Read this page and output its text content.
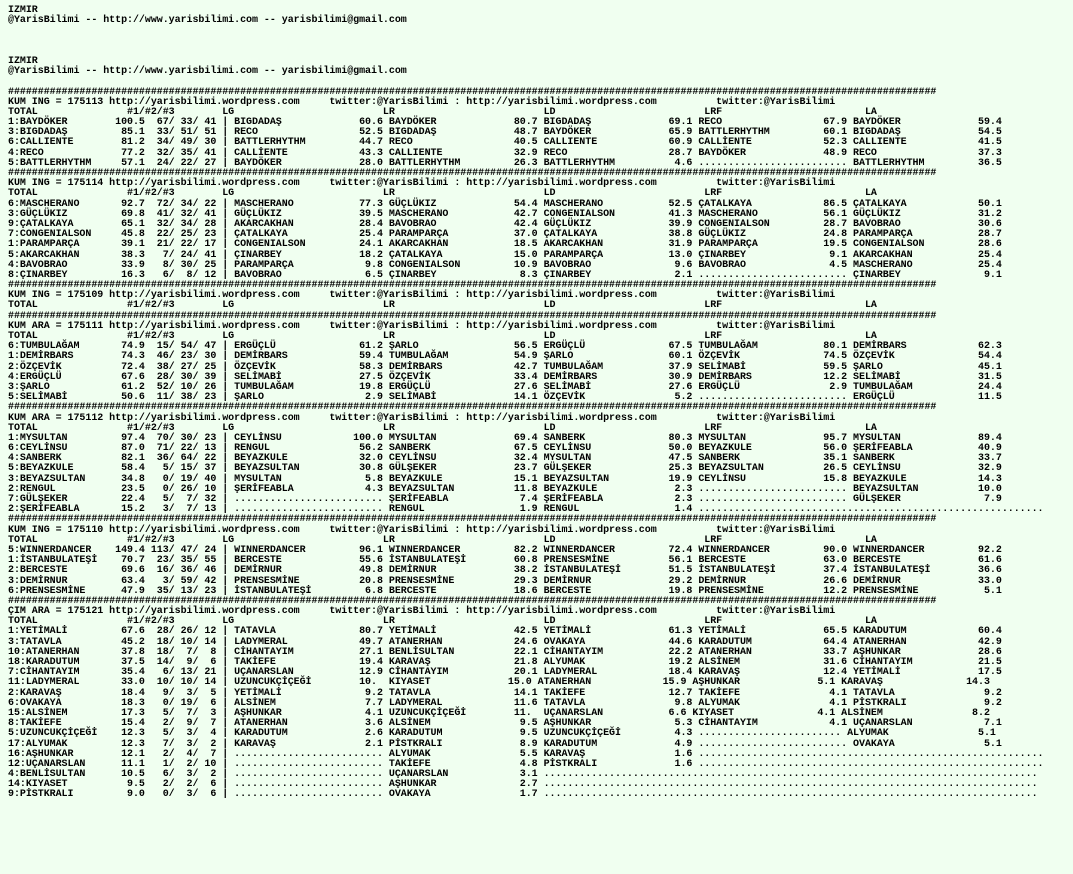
IZMIR
@YarisBilimi -- http://www.yarisbilimi.com -- yarisbilimi@gmail.com

IZMIR
@YarisBilimi -- http://www.yarisbilimi.com -- yarisbilimi@gmail.com

############################################################################################################################################################
KUM ING = 175113 http://yarisbilimi.wordpress.com     twitter:@YarisBilimi : http://yarisbilimi.wordpress.com          twitter:@YarisBilimi
TOTAL               #1/#2/#3        LG                         LR                         LD                         LRF                        LA
1:BAYDÖKER        100.5  67/ 33/ 41 | BIGDADAŞ             60.6 BAYDÖKER             80.7 BIGDADAŞ             69.1 RECO                 67.9 BAYDÖKER             59.4
3:BIGDADAŞ         85.1  33/ 51/ 51 | RECO                 52.5 BIGDADAŞ             48.7 BAYDÖKER             65.9 BATTLERHYTHM         60.1 BIGDADAŞ             54.5
6:CALLIENTE        81.2  34/ 49/ 30 | BATTLERHYTHM         44.7 RECO                 40.5 CALLIENTE            60.9 CALLİENTE            52.3 CALLIENTE            41.5
4:RECO             77.2  32/ 35/ 41 | CALLİENTE            43.3 CALLIENTE            32.9 RECO                 28.7 BAYDÖKER             48.9 RECO                 37.3
5:BATTLERHYTHM     57.1  24/ 22/ 27 | BAYDÖKER             28.0 BATTLERHYTHM         26.3 BATTLERHYTHM          4.6 ......................... BATTLERHYTHM         36.5
############################################################################################################################################################
KUM ING = 175114 http://yarisbilimi.wordpress.com     twitter:@YarisBilimi : http://yarisbilimi.wordpress.com          twitter:@YarisBilimi
TOTAL               #1/#2/#3        LG                         LR                         LD                         LRF                        LA
6:MASCHERANO       92.7  72/ 34/ 22 | MASCHERANO           77.3 GÜÇLÜKIZ             54.4 MASCHERANO           52.5 ÇATALKAYA            86.5 ÇATALKAYA            50.1
3:GÜÇLÜKIZ         69.8  41/ 32/ 41 | GÜÇLÜKIZ             39.5 MASCHERANO           42.7 CONGENIALSON         41.3 MASCHERANO           56.1 GÜÇLÜKIZ             31.2
9:ÇATALKAYA        65.1  32/ 34/ 28 | AKARCAKHAN           28.4 BAVOBRAO             42.4 GÜÇLÜKIZ             39.9 CONGENIALSON         28.7 BAVOBRAO             30.6
7:CONGENIALSON     45.8  22/ 25/ 23 | ÇATALKAYA            25.4 PARAMPARÇA           37.0 ÇATALKAYA            38.8 GÜÇLÜKIZ             24.8 PARAMPARÇA           28.7
1:PARAMPARÇA       39.1  21/ 22/ 17 | CONGENIALSON         24.1 AKARCAKHAN           18.5 AKARCAKHAN           31.9 PARAMPARÇA           19.5 CONGENIALSON         28.6
5:AKARCAKHAN       38.3   7/ 24/ 41 | ÇINARBEY             18.2 ÇATALKAYA            15.0 PARAMPARÇA           13.0 ÇINARBEY              9.1 AKARCAKHAN           25.4
4:BAVOBRAO         33.9   8/ 30/ 25 | PARAMPARÇA            9.8 CONGENIALSON         10.9 BAVOBRAO              9.6 BAVOBRAO              4.5 MASCHERANO           25.4
8:ÇINARBEY         16.3   6/  8/ 12 | BAVOBRAO              6.5 ÇINARBEY              8.3 ÇINARBEY              2.1 ......................... ÇINARBEY              9.1
############################################################################################################################################################
KUM ING = 175109 http://yarisbilimi.wordpress.com     twitter:@YarisBilimi : http://yarisbilimi.wordpress.com          twitter:@YarisBilimi
TOTAL               #1/#2/#3        LG                         LR                         LD                         LRF                        LA
############################################################################################################################################################
KUM ARA = 175111 http://yarisbilimi.wordpress.com     twitter:@YarisBilimi : http://yarisbilimi.wordpress.com          twitter:@YarisBilimi
TOTAL               #1/#2/#3        LG                         LR                         LD                         LRF                        LA
6:TUMBULAĞAM       74.9  15/ 54/ 47 | ERGÜÇLÜ              61.2 ŞARLO                56.5 ERGÜÇLÜ              67.5 TUMBULAĞAM           80.1 DEMİRBARS            62.3
1:DEMİRBARS        74.3  46/ 23/ 30 | DEMİRBARS            59.4 TUMBULAĞAM           54.9 ŞARLO                60.1 ÖZÇEVİK              74.5 ÖZÇEVİK              54.4
2:ÖZÇEVİK          72.4  38/ 27/ 25 | ÖZÇEVİK              58.3 DEMİRBARS            42.7 TUMBULAĞAM           37.9 SELİMABİ             59.5 ŞARLO                45.1
4:ERGÜÇLÜ          67.6  28/ 30/ 39 | SELİMABİ             27.5 ÖZÇEVİK              33.4 DEMİRBARS            30.9 DEMİRBARS            12.2 SELİMABİ             31.5
3:ŞARLO            61.2  52/ 10/ 26 | TUMBULAĞAM           19.8 ERGÜÇLÜ              27.6 SELİMABİ             27.6 ERGÜÇLÜ               2.9 TUMBULAĞAM           24.4
5:SELİMABİ         50.6  11/ 38/ 23 | ŞARLO                 2.9 SELİMABİ             14.1 ÖZÇEVİK               5.2 ......................... ERGÜÇLÜ              11.5
############################################################################################################################################################
KUM ARA = 175112 http://yarisbilimi.wordpress.com     twitter:@YarisBilimi : http://yarisbilimi.wordpress.com          twitter:@YarisBilimi
TOTAL               #1/#2/#3        LG                         LR                         LD                         LRF                        LA
1:MYSULTAN         97.4  70/ 30/ 23 | CEYLİNSU            100.0 MYSULTAN             69.4 SANBERK              80.3 MYSULTAN             95.7 MYSULTAN             89.4
6:CEYLİNSU         87.0  71/ 22/ 13 | RENGUL               56.2 SANBERK              67.5 CEYLİNSU             50.0 BEYAZKULE            56.0 ŞERİFEABLA           40.9
4:SANBERK          82.1  36/ 64/ 22 | BEYAZKULE            32.0 CEYLİNSU             32.4 MYSULTAN             47.5 SANBERK              35.1 SANBERK              33.7
5:BEYAZKULE        58.4   5/ 15/ 37 | BEYAZSULTAN          30.8 GÜLŞEKER             23.7 GÜLŞEKER             25.3 BEYAZSULTAN          26.5 CEYLİNSU             32.9
3:BEYAZSULTAN      34.8   0/ 19/ 40 | MYSULTAN              5.8 BEYAZKULE            15.1 BEYAZSULTAN          19.9 CEYLİNSU             15.8 BEYAZKULE            14.3
2:RENGUL           23.5   0/ 26/ 10 | ŞERİFEABLA            4.3 BEYAZSULTAN          11.8 BEYAZKULE             2.3 ......................... BEYAZSULTAN          10.0
7:GÜLŞEKER         22.4   5/  7/ 32 | ......................... ŞERİFEABLA            7.4 ŞERİFEABLA            2.3 ......................... GÜLŞEKER              7.9
2:ŞERİFEABLA       15.2   3/  7/ 13 | ......................... RENGUL                1.9 RENGUL                1.4 ..........................................................
############################################################################################################################################################
KUM ING = 175110 http://yarisbilimi.wordpress.com     twitter:@YarisBilimi : http://yarisbilimi.wordpress.com          twitter:@YarisBilimi
TOTAL               #1/#2/#3        LG                         LR                         LD                         LRF                        LA
5:WINNERDANCER    149.4 113/ 47/ 24 | WINNERDANCER         96.1 WINNERDANCER         82.2 WINNERDANCER         72.4 WINNERDANCER         90.0 WINNERDANCER         92.2
1:İSTANBULATEŞİ    70.7  23/ 35/ 55 | BERCESTE             55.6 İSTANBULATEŞİ        60.8 PRENSESMİNE          56.1 BERCESTE             63.0 BERCESTE             61.6
2:BERCESTE         69.6  16/ 36/ 46 | DEMİRNUR             49.8 DEMİRNUR             38.2 İSTANBULATEŞİ        51.5 İSTANBULATEŞİ        37.4 İSTANBULATEŞİ        36.6
3:DEMİRNUR         63.4   3/ 59/ 42 | PRENSESMİNE          20.8 PRENSESMİNE          29.3 DEMİRNUR             29.2 DEMİRNUR             26.6 DEMİRNUR             33.0
6:PRENSESMİNE      47.9  35/ 13/ 23 | İSTANBULATEŞİ         6.8 BERCESTE             18.6 BERCESTE             19.8 PRENSESMİNE          12.2 PRENSESMİNE           5.1
############################################################################################################################################################
ÇIM ARA = 175121 http://yarisbilimi.wordpress.com     twitter:@YarisBilimi : http://yarisbilimi.wordpress.com          twitter:@YarisBilimi
TOTAL               #1/#2/#3        LG                         LR                         LD                         LRF                        LA
1:YETİMALİ         67.6  28/ 26/ 12 | TATAVLA              80.7 YETİMALİ             42.5 YETİMALİ             61.3 YETİMALİ             65.5 KARADUTUM            60.4
3:TATAVLA          45.2  18/ 10/ 14 | LADYMERAL            49.7 ATANERHAN            24.6 OVAKAYA              44.6 KARADUTUM            64.4 ATANERHAN            42.9
10:ATANERHAN       37.8  18/  7/  8 | CİHANTAYIM           27.1 BENLİSULTAN          22.1 CİHANTAYIM           22.2 ATANERHAN            33.7 AŞHUNKAR             28.6
18:KARADUTUM       37.5  14/  9/  6 | TAKİEFE              19.4 KARAVAŞ              21.8 ALYUMAK              19.2 ALSİNEM              31.6 CİHANTAYIM           21.5
7:CİHANTAYIM       35.4   6/ 13/ 21 | UÇANARSLAN           12.9 CİHANTAYIM           20.1 LADYMERAL            18.4 KARAVAŞ              12.4 YETİMALİ             17.5
11:LADYMERAL       33.0  10/ 10/ 14 | UZUNCUKÇİÇEĞİ        10.  KIYASET             15.0 ATANERHAN            15.9 AŞHUNKAR             5.1 KARAVAŞ              14.3
2:KARAVAŞ          18.4   9/  3/  5 | YETİMALİ              9.2 TATAVLA              14.1 TAKİEFE              12.7 TAKİEFE               4.1 TATAVLA               9.2
6:OVAKAYA          18.3   0/ 19/  6 | ALSİNEM               7.7 LADYMERAL            11.6 TATAVLA               9.8 ALYUMAK               4.1 PİSTKRALI             9.2
15:ALSİNEM         17.3   5/  7/  3 | AŞHUNKAR              4.1 UZUNCUKÇİÇEĞİ        11.  UÇANARSLAN           6.6 KIYASET              4.1 ALSİNEM               8.2
8:TAKİEFE          15.4   2/  9/  7 | ATANERHAN             3.6 ALSİNEM               9.5 AŞHUNKAR              5.3 CİHANTAYIM            4.1 UÇANARSLAN            7.1
5:UZUNCUKÇİÇEĞİ    12.3   5/  3/  4 | KARADUTUM             2.6 KARADUTUM             9.5 UZUNCUKÇİÇEĞİ         4.3 ........................ ALYUMAK               5.1
17:ALYUMAK         12.3   7/  3/  2 | KARAVAŞ               2.1 PİSTKRALI             8.9 KARADUTUM             4.9 ......................... OVAKAYA               5.1
16:AŞHUNKAR        12.1   2/  4/  7 | ......................... ALYUMAK               5.5 KARAVAŞ               1.6 ..........................................................
12:UÇANARSLAN      11.1   1/  2/ 10 | ......................... TAKİEFE               4.8 PİSTKRALI             1.6 ..........................................................
4:BENLİSULTAN      10.5   6/  3/  2 | ......................... UÇANARSLAN            3.1 ...................................................................................
14:KIYASET          9.5   2/  2/  6 | ......................... AŞHUNKAR              2.7 ...................................................................................
9:PİSTKRALI         9.0   0/  3/  6 | ......................... OVAKAYA               1.7 ...................................................................................
